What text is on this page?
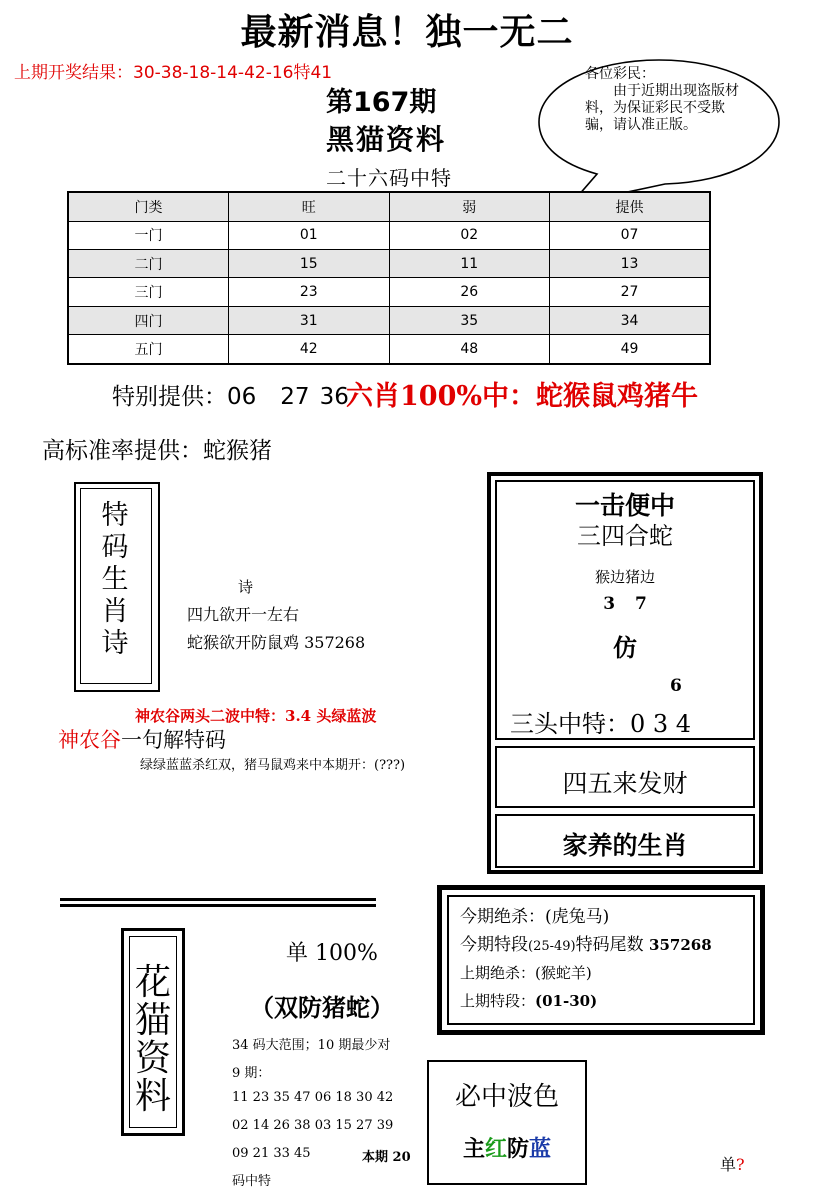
最新消息！独一无二
上期开奖结果：30-38-18-14-42-16特41
第167期
黑猫资料
二十六码中特
各位彩民：
由于近期出现盗版材料，为保证彩民不受欺骗，请认准正版。
门类	旺	弱	提供
一门	01	02	07
二门	15	11	13
三门	23	26	27
四门	31	35	34
五门	42	48	49
特别提供：06 27 36
六肖100%中：蛇猴鼠鸡猪牛
高标准率提供：蛇猴猪
特码生肖诗
诗
四九欲开一左右
蛇猴欲开防鼠鸡 357268
神农谷两头二波中特：3.4 头绿蓝波
神农谷一句解特码
绿绿蓝蓝杀红双，猪马鼠鸡来中本期开：(???)
一击便中
三四合蛇
猴边猪边
3 7
仿
6
三头中特：0 3 4
四五来发财
家养的生肖
花猫资料
单 100%
（双防猪蛇）
34 码大范围；10 期最少对
9 期：
11 23 35 47 06 18 30 42
02 14 26 38 03 15 27 39
09 21 33 45	本期 20
码中特
今期绝杀：(虎兔马)
今期特段(25-49)特码尾数 357268
上期绝杀：(猴蛇羊)
上期特段：(01-30)
必中波色
主红防蓝
单?
